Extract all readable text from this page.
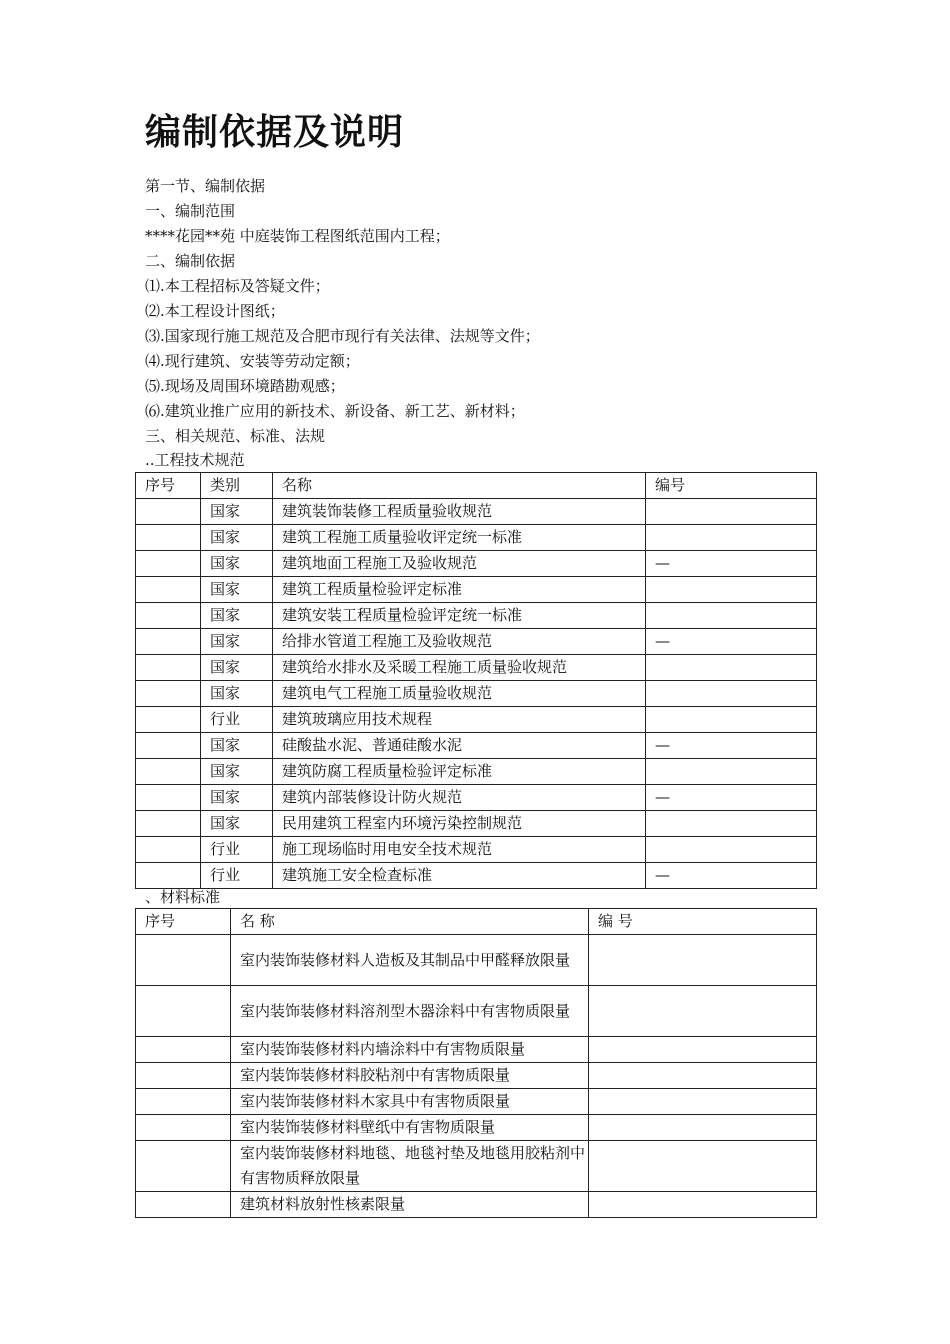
编制依据及说明
第一节、编制依据
一、编制范围
****花园**苑 中庭装饰工程图纸范围内工程；
二、编制依据
⑴.本工程招标及答疑文件；
⑵.本工程设计图纸；
⑶.国家现行施工规范及合肥市现行有关法律、法规等文件；
⑷.现行建筑、安装等劳动定额；
⑸.现场及周围环境踏勘观感；
⑹.建筑业推广应用的新技术、新设备、新工艺、新材料；
三、相关规范、标准、法规
..工程技术规范
序号	类别	名称	编号
	国家	建筑装饰装修工程质量验收规范	
	国家	建筑工程施工质量验收评定统一标准	
	国家	建筑地面工程施工及验收规范	—
	国家	建筑工程质量检验评定标准	
	国家	建筑安装工程质量检验评定统一标准	
	国家	给排水管道工程施工及验收规范	—
	国家	建筑给水排水及采暖工程施工质量验收规范	
	国家	建筑电气工程施工质量验收规范	
	行业	建筑玻璃应用技术规程	
	国家	硅酸盐水泥、普通硅酸水泥	—
	国家	建筑防腐工程质量检验评定标准	
	国家	建筑内部装修设计防火规范	—
	国家	民用建筑工程室内环境污染控制规范	
	行业	施工现场临时用电安全技术规范	
	行业	建筑施工安全检查标准	—
、材料标准
序号	名 称	编 号
	室内装饰装修材料人造板及其制品中甲醛释放限量	
	室内装饰装修材料溶剂型木器涂料中有害物质限量	
	室内装饰装修材料内墙涂料中有害物质限量	
	室内装饰装修材料胶粘剂中有害物质限量	
	室内装饰装修材料木家具中有害物质限量	
	室内装饰装修材料壁纸中有害物质限量	
	室内装饰装修材料地毯、地毯衬垫及地毯用胶粘剂中有害物质释放限量	
	建筑材料放射性核素限量	
